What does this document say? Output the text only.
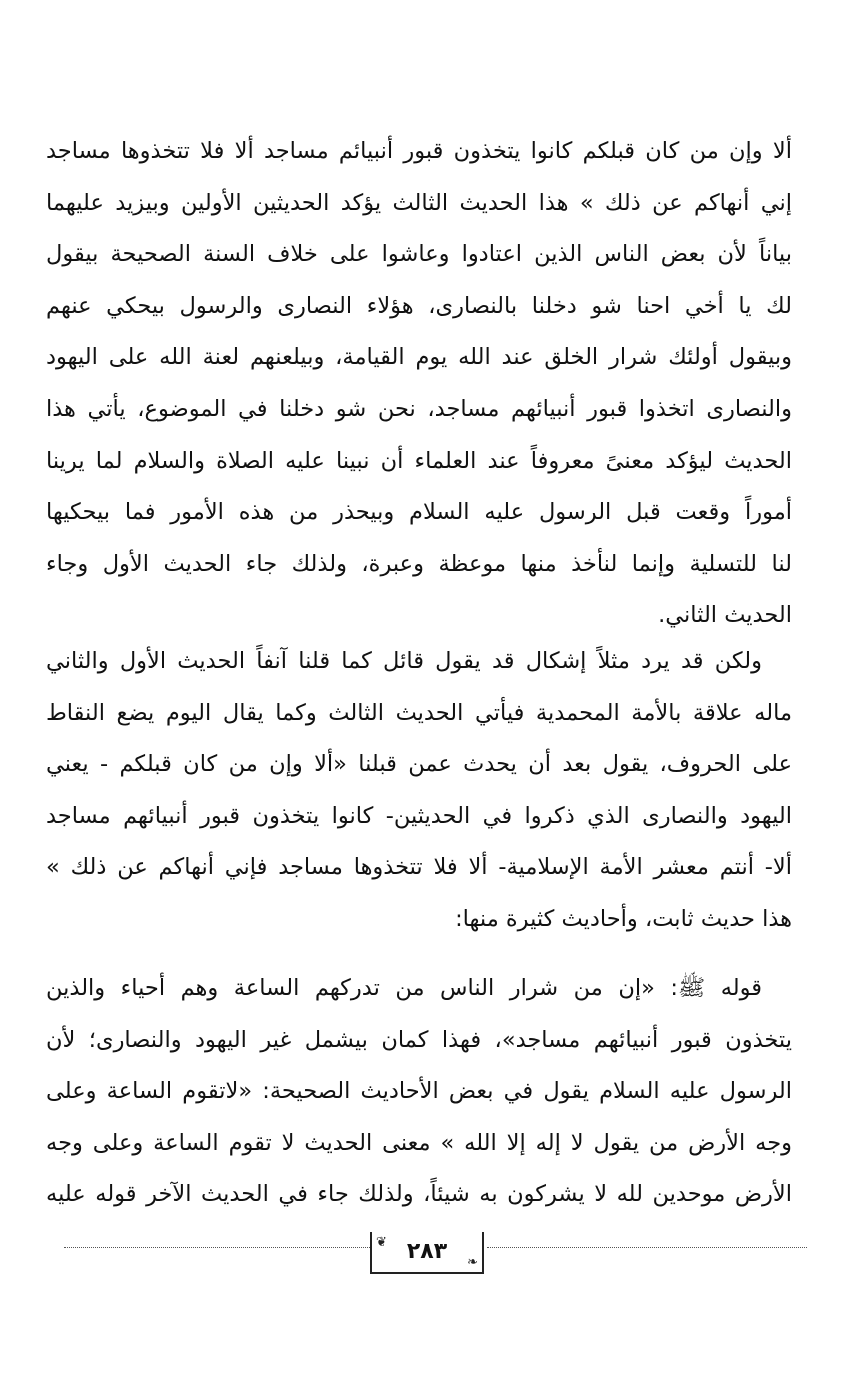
ألا وإن من كان قبلكم كانوا يتخذون قبور أنبيائم مساجد ألا فلا تتخذوها مساجد
إني أنهاكم عن ذلك » هذا الحديث الثالث يؤكد الحديثين الأولين وبيزيد عليهما
بياناً لأن بعض الناس الذين اعتادوا وعاشوا على خلاف السنة الصحيحة بيقول
لك يا أخي احنا شو دخلنا بالنصارى، هؤلاء النصارى والرسول بيحكي عنهم
وبيقول أولئك شرار الخلق عند الله يوم القيامة، وبيلعنهم لعنة الله على اليهود
والنصارى اتخذوا قبور أنبيائهم مساجد، نحن شو دخلنا في الموضوع، يأتي هذا
الحديث ليؤكد معنىً معروفاً عند العلماء أن نبينا عليه الصلاة والسلام لما يرينا
أموراً وقعت قبل الرسول عليه السلام وبيحذر من هذه الأمور فما بيحكيها
لنا للتسلية وإنما لنأخذ منها موعظة وعبرة، ولذلك جاء الحديث الأول وجاء
الحديث الثاني.
ولكن قد يرد مثلاً إشكال قد يقول قائل كما قلنا آنفاً الحديث الأول والثاني
ماله علاقة بالأمة المحمدية فيأتي الحديث الثالث وكما يقال اليوم يضع النقاط
على الحروف، يقول بعد أن يحدث عمن قبلنا «ألا وإن من كان قبلكم - يعني
اليهود والنصارى الذي ذكروا في الحديثين- كانوا يتخذون قبور أنبيائهم مساجد
ألا- أنتم معشر الأمة الإسلامية- ألا فلا تتخذوها مساجد فإني أنهاكم عن ذلك »
هذا حديث ثابت، وأحاديث كثيرة منها:
قوله ﷺ: «إن من شرار الناس من تدركهم الساعة وهم أحياء والذين
يتخذون قبور أنبيائهم مساجد»، فهذا كمان بيشمل غير اليهود والنصارى؛ لأن
الرسول عليه السلام يقول في بعض الأحاديث الصحيحة: «لاتقوم الساعة وعلى
وجه الأرض من يقول لا إله إلا الله » معنى الحديث لا تقوم الساعة وعلى وجه
الأرض موحدين لله لا يشركون به شيئاً، ولذلك جاء في الحديث الآخر قوله عليه
❦ ٢٨٣	❧
